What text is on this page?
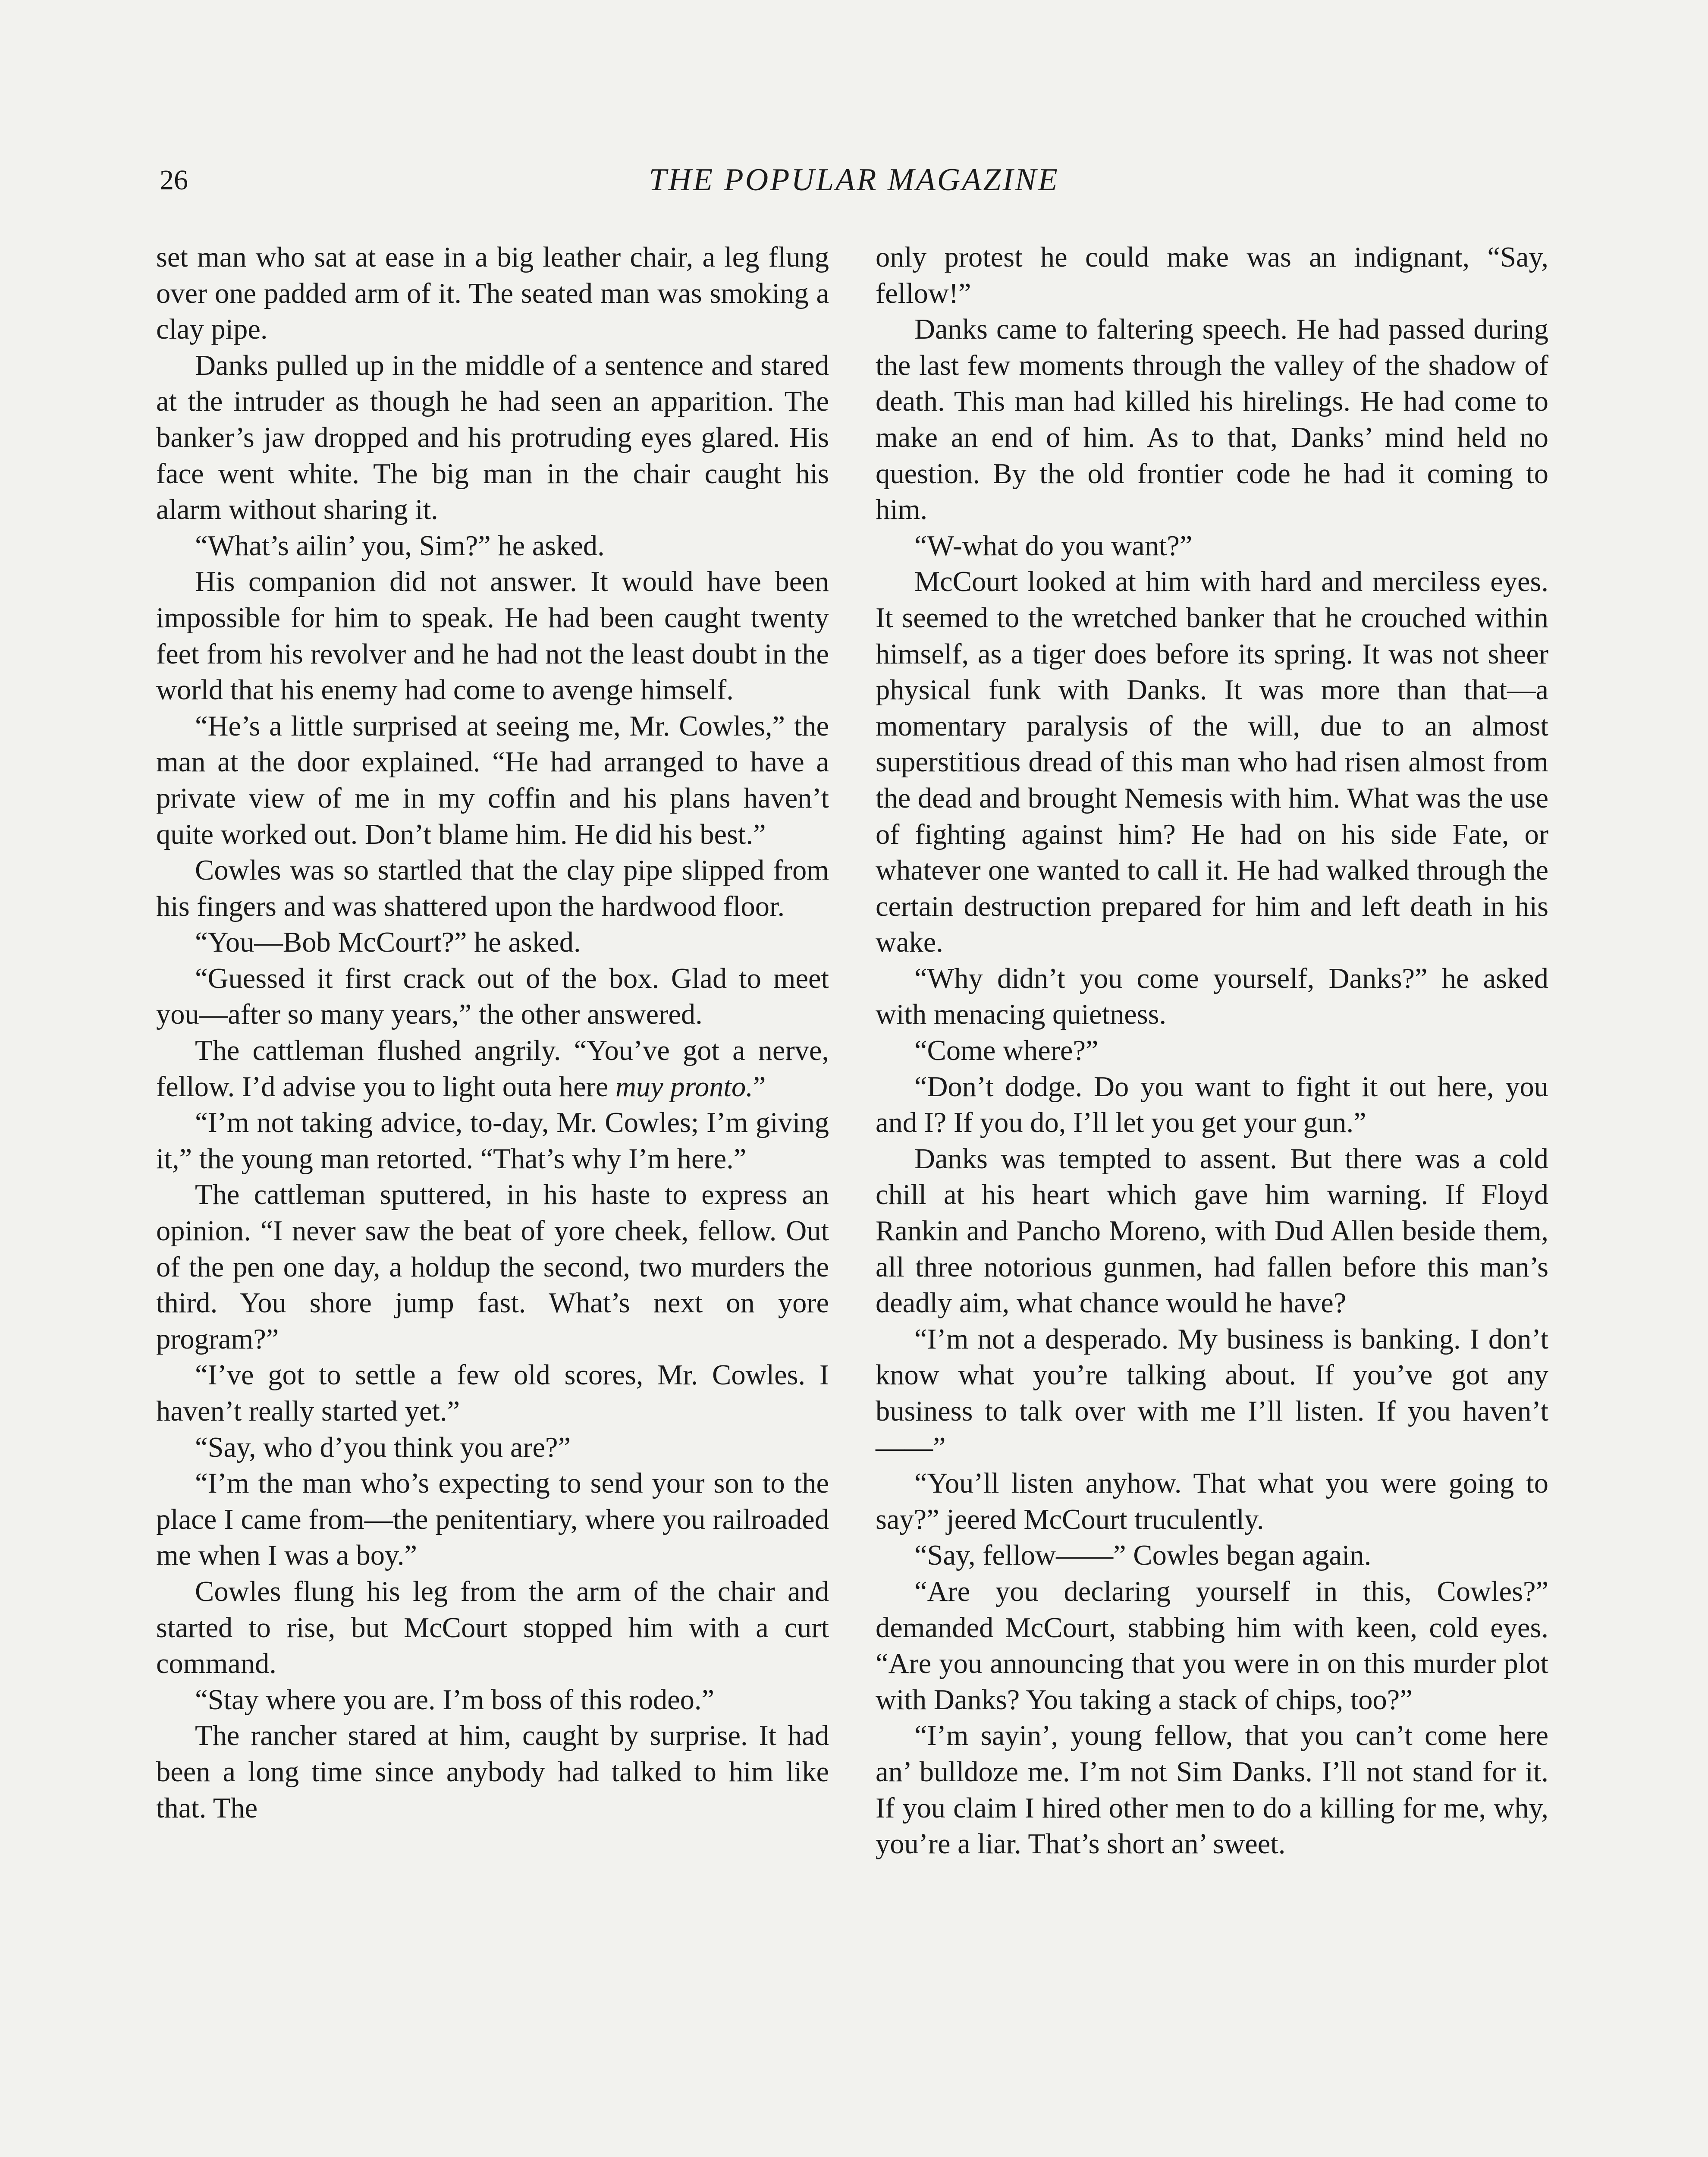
26	THE POPULAR MAGAZINE

set man who sat at ease in a big leather chair, a leg flung over one padded arm of it. The seated man was smoking a clay pipe.

Danks pulled up in the middle of a sentence and stared at the intruder as though he had seen an apparition. The banker’s jaw dropped and his protruding eyes glared. His face went white. The big man in the chair caught his alarm without sharing it.

“What’s ailin’ you, Sim?” he asked.

His companion did not answer. It would have been impossible for him to speak. He had been caught twenty feet from his revolver and he had not the least doubt in the world that his enemy had come to avenge himself.

“He’s a little surprised at seeing me, Mr. Cowles,” the man at the door explained. “He had arranged to have a private view of me in my coffin and his plans haven’t quite worked out. Don’t blame him. He did his best.”

Cowles was so startled that the clay pipe slipped from his fingers and was shattered upon the hardwood floor.

“You—Bob McCourt?” he asked.

“Guessed it first crack out of the box. Glad to meet you—after so many years,” the other answered.

The cattleman flushed angrily. “You’ve got a nerve, fellow. I’d advise you to light outa here muy pronto.”

“I’m not taking advice, to-day, Mr. Cowles; I’m giving it,” the young man retorted. “That’s why I’m here.”

The cattleman sputtered, in his haste to express an opinion. “I never saw the beat of yore cheek, fellow. Out of the pen one day, a holdup the second, two murders the third. You shore jump fast. What’s next on yore program?”

“I’ve got to settle a few old scores, Mr. Cowles. I haven’t really started yet.”

“Say, who d’you think you are?”

“I’m the man who’s expecting to send your son to the place I came from—the penitentiary, where you railroaded me when I was a boy.”

Cowles flung his leg from the arm of the chair and started to rise, but McCourt stopped him with a curt command.

“Stay where you are. I’m boss of this rodeo.”

The rancher stared at him, caught by surprise. It had been a long time since anybody had talked to him like that. The

only protest he could make was an indignant, “Say, fellow!”

Danks came to faltering speech. He had passed during the last few moments through the valley of the shadow of death. This man had killed his hirelings. He had come to make an end of him. As to that, Danks’ mind held no question. By the old frontier code he had it coming to him.

“W-what do you want?”

McCourt looked at him with hard and merciless eyes. It seemed to the wretched banker that he crouched within himself, as a tiger does before its spring. It was not sheer physical funk with Danks. It was more than that—a momentary paralysis of the will, due to an almost superstitious dread of this man who had risen almost from the dead and brought Nemesis with him. What was the use of fighting against him? He had on his side Fate, or whatever one wanted to call it. He had walked through the certain destruction prepared for him and left death in his wake.

“Why didn’t you come yourself, Danks?” he asked with menacing quietness.

“Come where?”

“Don’t dodge. Do you want to fight it out here, you and I? If you do, I’ll let you get your gun.”

Danks was tempted to assent. But there was a cold chill at his heart which gave him warning. If Floyd Rankin and Pancho Moreno, with Dud Allen beside them, all three notorious gunmen, had fallen before this man’s deadly aim, what chance would he have?

“I’m not a desperado. My business is banking. I don’t know what you’re talking about. If you’ve got any business to talk over with me I’ll listen. If you haven’t——”

“You’ll listen anyhow. That what you were going to say?” jeered McCourt truculently.

“Say, fellow——” Cowles began again.

“Are you declaring yourself in this, Cowles?” demanded McCourt, stabbing him with keen, cold eyes. “Are you announcing that you were in on this murder plot with Danks? You taking a stack of chips, too?”

“I’m sayin’, young fellow, that you can’t come here an’ bulldoze me. I’m not Sim Danks. I’ll not stand for it. If you claim I hired other men to do a killing for me, why, you’re a liar. That’s short an’ sweet.
